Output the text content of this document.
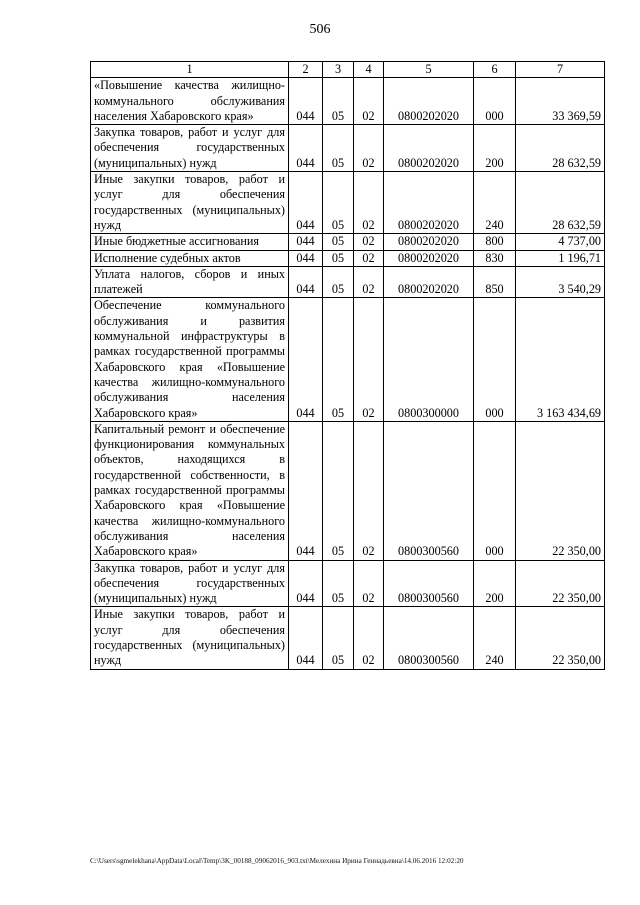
506
1	2	3	4	5	6	7
«Повышение качества жилищно-коммунального обслуживания населения Хабаровского края»	044	05	02	0800202020	000	33 369,59
Закупка товаров, работ и услуг для обеспечения государственных (муниципальных) нужд	044	05	02	0800202020	200	28 632,59
Иные закупки товаров, работ и услуг для обеспечения государственных (муниципальных) нужд	044	05	02	0800202020	240	28 632,59
Иные бюджетные ассигнования	044	05	02	0800202020	800	4 737,00
Исполнение судебных актов	044	05	02	0800202020	830	1 196,71
Уплата налогов, сборов и иных платежей	044	05	02	0800202020	850	3 540,29
Обеспечение коммунального обслуживания и развития коммунальной инфраструктуры в рамках государственной программы Хабаровского края «Повышение качества жилищно-коммунального обслуживания населения Хабаровского края»	044	05	02	0800300000	000	3 163 434,69
Капитальный ремонт и обеспечение функционирования коммунальных объектов, находящихся в государственной собственности, в рамках государственной программы Хабаровского края «Повышение качества жилищно-коммунального обслуживания населения Хабаровского края»	044	05	02	0800300560	000	22 350,00
Закупка товаров, работ и услуг для обеспечения государственных (муниципальных) нужд	044	05	02	0800300560	200	22 350,00
Иные закупки товаров, работ и услуг для обеспечения государственных (муниципальных) нужд	044	05	02	0800300560	240	22 350,00
C:\Users\sgmelekhana\AppData\Local\Temp\3K_00188_09062016_903.txt\Мелехина Ирина Геннадьевна\14.06.2016 12:02:20
